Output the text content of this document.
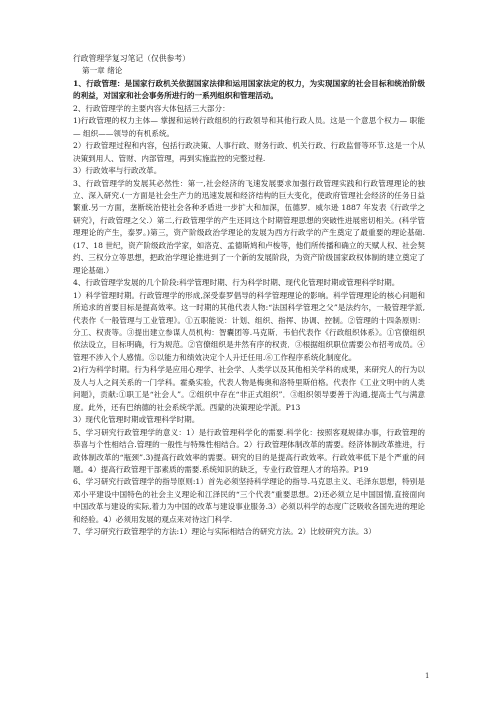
行政管理学复习笔记（仅供参考）

第一章 绪论

1、行政管理：是国家行政机关依据国家法律和运用国家法定的权力，为实现国家的社会目标和统治阶级的利益，对国家和社会事务所进行的一系列组织和管理活动。

2、行政管理学的主要内容大体包括三大部分：

1)行政管理的权力主体— 掌握和运转行政组织的行政领导和其他行政人员。这是一个意思个权力— 职能— 组织——领导的有机系统。

2）行政管理过程和内容，包括行政决策、人事行政、财务行政、机关行政、行政监督等环节.这是一个从决策到用人、管财、内部管理，再到实施监控的完整过程.

3）行政效率与行政改革。

3、行政管理学的发展其必然性：第一,社会经济的飞速发展要求加强行政管理实践和行政管理理论的独立、深入研究.(一方面是社会生产力的迅速发展和经济结构的巨大变化，使政府管理社会经济的任务日益繁重.另一方面，垄断统治使社会各种矛盾进一步扩大和加深，伍德罗．威尔逊 1887 年发表《行政学之研究》，行政管理之父.）第二,行政管理学的产生还同这个时期管理思想的突破性进展密切相关。(科学管理理论的产生，泰罗。)第三，资产阶级政治学理论的发展为西方行政学的产生奠定了最重要的理论基础.(17、18 世纪，资产阶级政治学家，如洛克、孟德斯鸠和卢梭等，他们所传播和确立的天赋人权、社会契约、三权分立等思想，把政治学理论推进到了一个新的发展阶段，为资产阶级国家政权体制的建立奠定了理论基础.）

4、行政管理学发展的几个阶段:科学管理时期、行为科学时期、现代化管理时期或管理科学时期。

1）科学管理时期。行政管理学的形成,深受泰罗倡导的科学管理理论的影响。科学管理理论的核心问题和所追求的首要目标是提高效率。这一时期的其他代表人物:“法国科学管理之父”是法约尔，一般管理学派,代表作《一般管理与工业管理》。①五职能说：计划、组织、指挥、协调、控制。②管理的十四条原则：分工、权责等。③提出建立参谋人员机构：智囊团等.马克斯．韦伯代表作《行政组织体系》。①官僚组织依法设立，目标明确，行为规范。②官僚组织是井然有序的权责．③根据组织职位需要公布招考成员。④管理不涉入个人感情。⑤以能力和绩效决定个人升迁任用.⑥工作程序系统化制度化。

2)行为科学时期。行为科学是应用心理学、社会学、人类学以及其他相关学科的成果，来研究人的行为以及人与人之间关系的一门学科。霍桑实验，代表人物是梅奥和洛特里斯伯格。代表作《工业文明中的人类问题》，贡献:①职工是“社会人”。②组织中存在“非正式组织”．③组织领导要善于沟通,提高士气与满意度。此外，还有巴纳德的社会系统学派。西蒙的决策理论学派。P13

3）现代化管理时期或管理科学时期。

5、学习研究行政管理学的意义：1）是行政管理科学化的需要.科学化：按照客观规律办事，行政管理的恭喜与个性相结合.管理的一般性与特殊性相结合。2）行政管理体制改革的需要。经济体制改革推进，行政体制改革的“瓶颈”.3)提高行政效率的需要。研究的目的是提高行政效率。行政效率低下是个严重的问题。4）提高行政管理干部素质的需要.系统知识的缺乏，专业行政管理人才的培养。P19

6、学习研究行政管理学的指导原则:1）首先必须坚持科学理论的指导.马克思主义、毛泽东思想，特别是邓小平建设中国特色的社会主义理论和江泽民的“三个代表”重要思想。2)还必须立足中国国情,直接面向中国改革与建设的实际,着力为中国的改革与建设事业服务.3）必须以科学的态度广泛吸收各国先进的理论和经验。4）必须用发展的观点来对待这门科学.

7、学习研究行政管理学的方法:1）理论与实际相结合的研究方法。2）比较研究方法。3）

1
